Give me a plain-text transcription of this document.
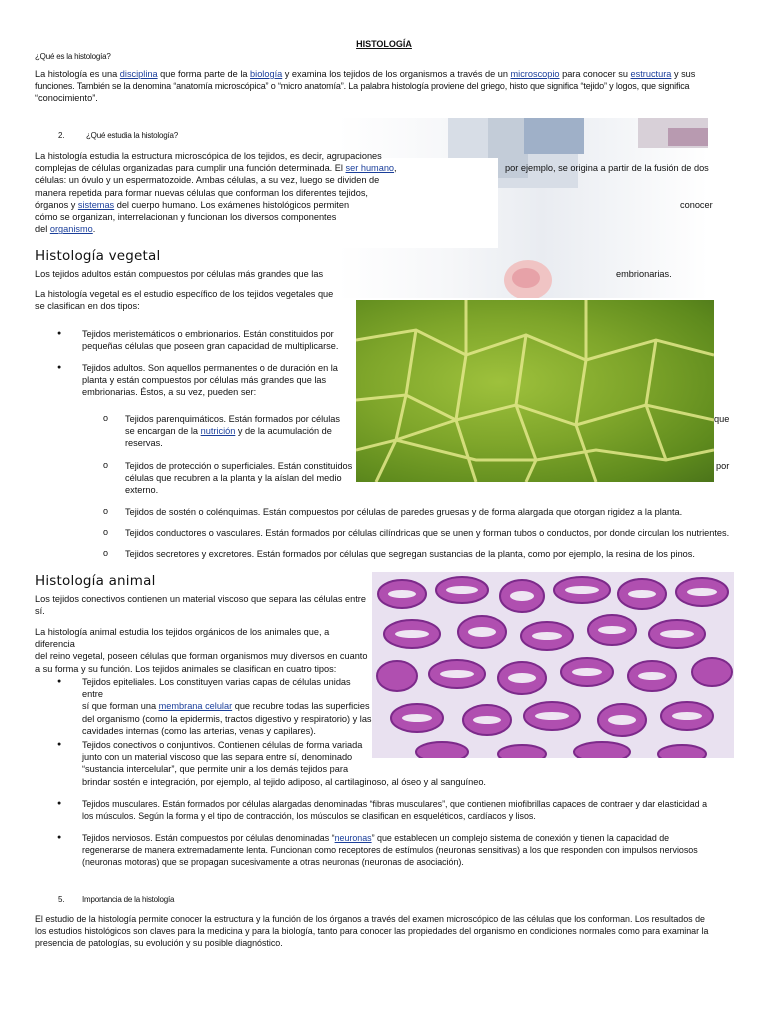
HISTOLOGÍA
¿Qué es la histología?

La histología es una disciplina que forma parte de la biología y examina los tejidos de los organismos a través de un microscopio para conocer su estructura y sus

funciones. También se la denomina “anatomía microscópica” o “micro anatomía”. La palabra histología proviene del griego, histo que significa “tejido” y logos, que significa

“conocimiento”.

2.	¿Qué estudia la histología?

La histología estudia la estructura microscópica de los tejidos, es decir, agrupaciones

complejas de células organizadas para cumplir una función determinada. El ser humano,	por ejemplo, se origina a partir de la fusión de dos

células: un óvulo y un espermatozoide. Ambas células, a su vez, luego se dividen de

manera repetida para formar nuevas células que conforman los diferentes tejidos,

órganos y sistemas del cuerpo humano. Los exámenes histológicos permiten	conocer

cómo se organizan, interrelacionan y funcionan los diversos componentes

del organismo.

Histología vegetal
Los tejidos adultos están compuestos por células más grandes que las	embrionarias.

La histología vegetal es el estudio específico de los tejidos vegetales que

se clasifican en dos tipos:

● Tejidos meristemáticos o embrionarios. Están constituidos por

pequeñas células que poseen gran capacidad de multiplicarse.

● Tejidos adultos. Son aquellos permanentes o de duración en la

planta y están compuestos por células más grandes que las

embrionarias. Éstos, a su vez, pueden ser:

o Tejidos parenquimáticos. Están formados por células

se encargan de la nutrición y de la acumulación de

reservas.

o Tejidos de protección o superficiales. Están constituidos

células que recubren a la planta y la aíslan del medio

externo.

o Tejidos de sostén o colénquimas. Están compuestos por células de paredes gruesas y de forma alargada que otorgan rigidez a la planta.

o Tejidos conductores o vasculares. Están formados por células cilíndricas que se unen y forman tubos o conductos, por donde circulan los nutrientes.

o Tejidos secretores y excretores. Están formados por células que segregan sustancias de la planta, como por ejemplo, la resina de los pinos.

que
por
Histología animal

Los tejidos conectivos contienen un material viscoso que separa las células entre

sí.

La histología animal estudia los tejidos orgánicos de los animales que, a diferencia

del reino vegetal, poseen células que forman organismos muy diversos en cuanto

a su forma y su función. Los tejidos animales se clasifican en cuatro tipos:

● Tejidos epiteliales. Los constituyen varias capas de células unidas entre

sí que forman una membrana celular que recubre todas las superficies

del organismo (como la epidermis, tractos digestivo y respiratorio) y las

cavidades internas (como las arterias, venas y capilares).

● Tejidos conectivos o conjuntivos. Contienen células de forma variada

junto con un material viscoso que las separa entre sí, denominado

“sustancia intercelular”, que permite unir a los demás tejidos para

brindar sostén e integración, por ejemplo, al tejido adiposo, al cartilaginoso, al óseo y al sanguíneo.

● Tejidos musculares. Están formados por células alargadas denominadas “fibras musculares”, que contienen miofibrillas capaces de contraer y dar elasticidad a

los músculos. Según la forma y el tipo de contracción, los músculos se clasifican en esqueléticos, cardíacos y lisos.

● Tejidos nerviosos. Están compuestos por células denominadas “neuronas” que establecen un complejo sistema de conexión y tienen la capacidad de

regenerarse de manera extremadamente lenta. Funcionan como receptores de estímulos (neuronas sensitivas) a los que responden con impulsos nerviosos

(neuronas motoras) que se propagan sucesivamente a otras neuronas (neuronas de asociación).

5. Importancia de la histología

El estudio de la histología permite conocer la estructura y la función de los órganos a través del examen microscópico de las células que los conforman. Los resultados de

los estudios histológicos son claves para la medicina y para la biología, tanto para conocer las propiedades del organismo en condiciones normales como para examinar la

presencia de patologías, su evolución y su posible diagnóstico.
